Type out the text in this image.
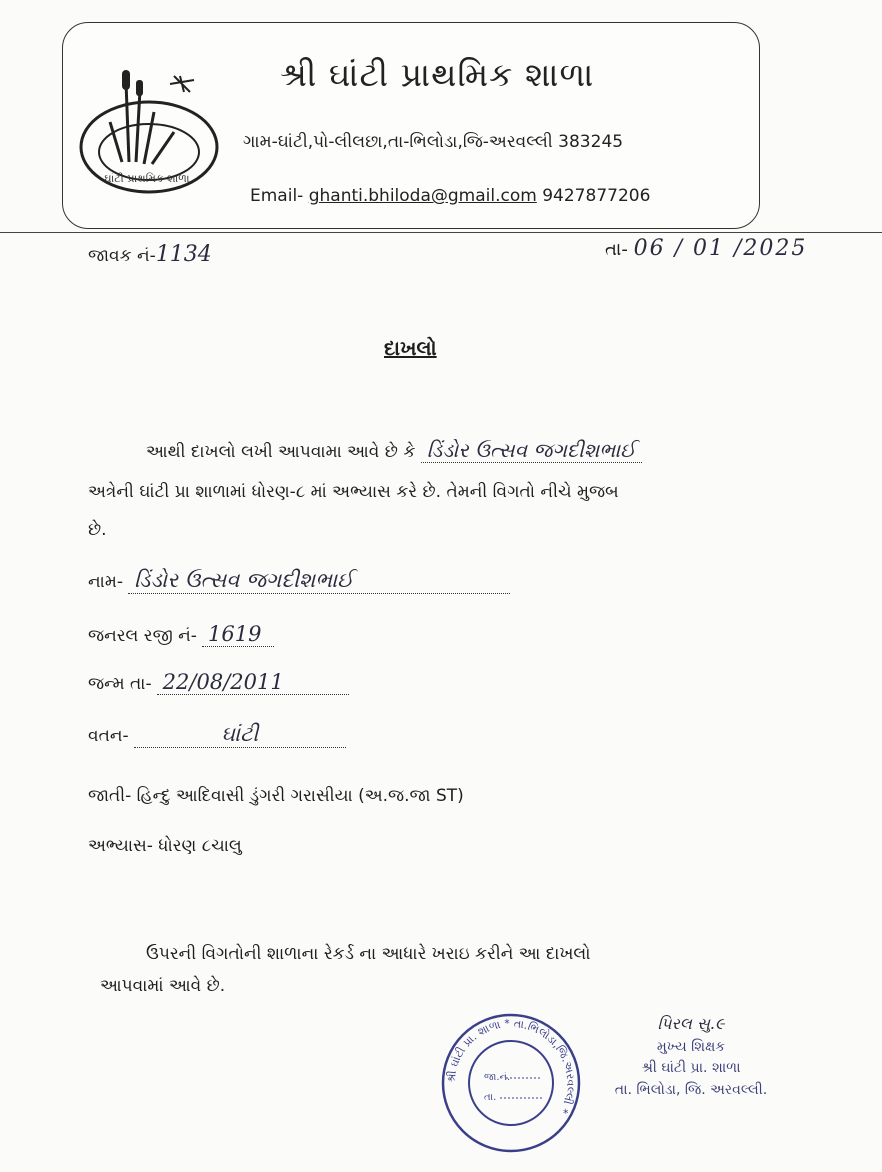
ઘાંટી પ્રાથમિક શાળા
શ્રી ઘાંટી પ્રાથમિક શાળા
ગામ-ઘાંટી,પો-લીલછા,તા-ભિલોડા,જિ-અરવલ્લી 383245
Email- ghanti.bhiloda@gmail.com 9427877206
જાવક નં-1134	તા- 06 / 01 /2025
દાખલો
આથી દાખલો લખી આપવામા આવે છે કે ડિંડોર ઉત્સવ જગદીશભાઈ
અત્રેની ઘાંટી પ્રા શાળામાં ધોરણ-૮ માં અભ્યાસ કરે છે. તેમની વિગતો નીચે મુજબ
છે.
નામ- ડિંડોર ઉત્સવ જગદીશભાઈ
જનરલ રજી નં- 1619
જન્મ તા- 22/08/2011
વતન-	ઘાંટી
જાતી- હિન્દુ આદિવાસી ડુંગરી ગરાસીયા (અ.જ.જા ST)
અભ્યાસ- ધોરણ ૮ચાલુ
ઉપરની વિગતોની શાળાના રેકર્ડ ના આધારે ખરાઇ કરીને આ દાખલો
આપવામાં આવે છે.
શ્રી ઘાંટી પ્રા. શાળા * તા.ભિલોડા,જિ.અરવલ્લી *
જા.નં.
તા.
પિરલ સુ.૯
મુખ્ય શિક્ષક
શ્રી ઘાંટી પ્રા. શાળા
તા. ભિલોડા, જિ. અરવલ્લી.
